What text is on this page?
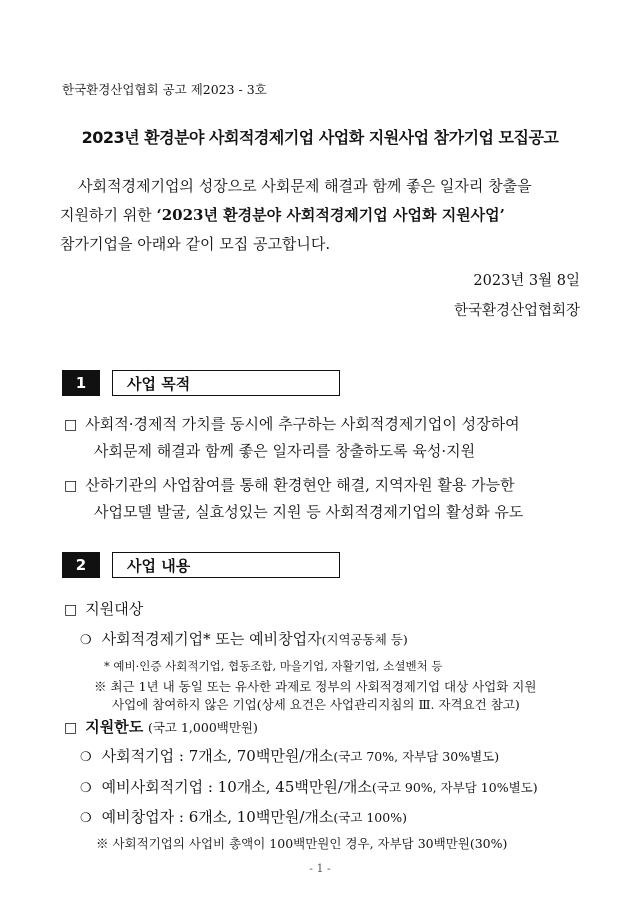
한국환경산업협회 공고 제2023 - 3호
2023년 환경분야 사회적경제기업 사업화 지원사업 참가기업 모집공고

사회적경제기업의 성장으로 사회문제 해결과 함께 좋은 일자리 창출을

지원하기 위한 ‘2023년 환경분야 사회적경제기업 사업화 지원사업’

참가기업을 아래와 같이 모집 공고합니다.

2023년 3월 8일
한국환경산업협회장
1	사업 목적
□ 사회적·경제적 가치를 동시에 추구하는 사회적경제기업이 성장하여
사회문제 해결과 함께 좋은 일자리를 창출하도록 육성·지원
□ 산하기관의 사업참여를 통해 환경현안 해결, 지역자원 활용 가능한
사업모델 발굴, 실효성있는 지원 등 사회적경제기업의 활성화 유도
2	사업 내용
□ 지원대상
❍ 사회적경제기업* 또는 예비창업자(지역공동체 등)
* 예비·인증 사회적기업, 협동조합, 마을기업, 자활기업, 소셜벤처 등
※ 최근 1년 내 동일 또는 유사한 과제로 정부의 사회적경제기업 대상 사업화 지원
사업에 참여하지 않은 기업(상세 요건은 사업관리지침의 Ⅲ. 자격요건 참고)
□ 지원한도 (국고 1,000백만원)
❍ 사회적기업 : 7개소, 70백만원/개소(국고 70%, 자부담 30%별도)
❍ 예비사회적기업 : 10개소, 45백만원/개소(국고 90%, 자부담 10%별도)
❍ 예비창업자 : 6개소, 10백만원/개소(국고 100%)
※ 사회적기업의 사업비 총액이 100백만원인 경우, 자부담 30백만원(30%)
- 1 -
